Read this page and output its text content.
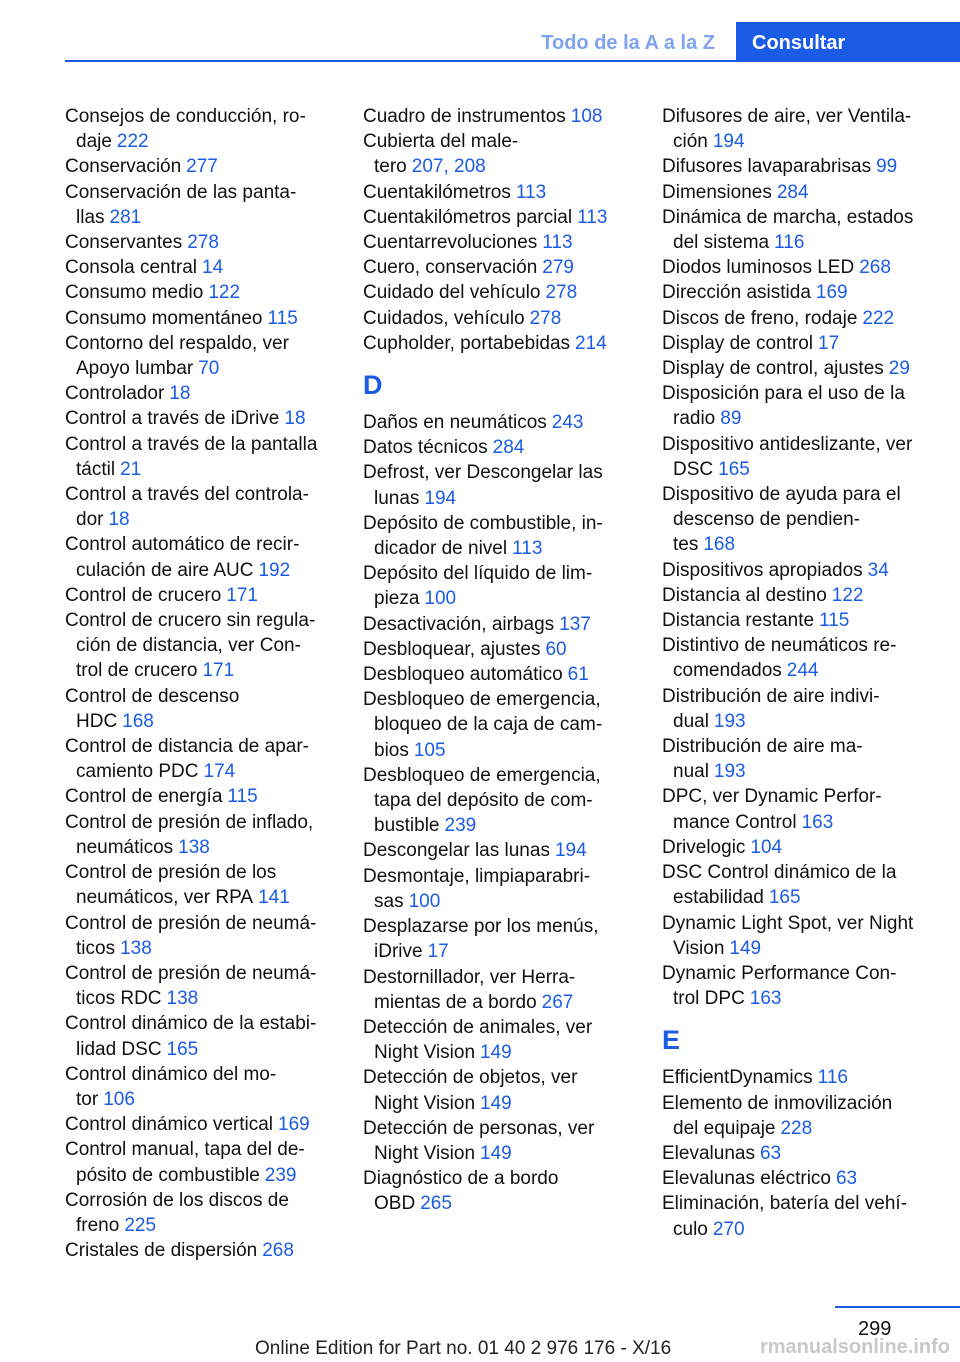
Todo de la A a la Z	Consultar
Consejos de conducción, ro-
daje 222
Conservación 277
Conservación de las panta-
llas 281
Conservantes 278
Consola central 14
Consumo medio 122
Consumo momentáneo 115
Contorno del respaldo, ver
Apoyo lumbar 70
Controlador 18
Control a través de iDrive 18
Control a través de la pantalla
táctil 21
Control a través del controla-
dor 18
Control automático de recir-
culación de aire AUC 192
Control de crucero 171
Control de crucero sin regula-
ción de distancia, ver Con-
trol de crucero 171
Control de descenso
HDC 168
Control de distancia de apar-
camiento PDC 174
Control de energía 115
Control de presión de inflado,
neumáticos 138
Control de presión de los
neumáticos, ver RPA 141
Control de presión de neumá-
ticos 138
Control de presión de neumá-
ticos RDC 138
Control dinámico de la estabi-
lidad DSC 165
Control dinámico del mo-
tor 106
Control dinámico vertical 169
Control manual, tapa del de-
pósito de combustible 239
Corrosión de los discos de
freno 225
Cristales de dispersión 268
Cuadro de instrumentos 108
Cubierta del male-
tero 207, 208
Cuentakilómetros 113
Cuentakilómetros parcial 113
Cuentarrevoluciones 113
Cuero, conservación 279
Cuidado del vehículo 278
Cuidados, vehículo 278
Cupholder, portabebidas 214
D
Daños en neumáticos 243
Datos técnicos 284
Defrost, ver Descongelar las
lunas 194
Depósito de combustible, in-
dicador de nivel 113
Depósito del líquido de lim-
pieza 100
Desactivación, airbags 137
Desbloquear, ajustes 60
Desbloqueo automático 61
Desbloqueo de emergencia,
bloqueo de la caja de cam-
bios 105
Desbloqueo de emergencia,
tapa del depósito de com-
bustible 239
Descongelar las lunas 194
Desmontaje, limpiaparabri-
sas 100
Desplazarse por los menús,
iDrive 17
Destornillador, ver Herra-
mientas de a bordo 267
Detección de animales, ver
Night Vision 149
Detección de objetos, ver
Night Vision 149
Detección de personas, ver
Night Vision 149
Diagnóstico de a bordo
OBD 265
Difusores de aire, ver Ventila-
ción 194
Difusores lavaparabrisas 99
Dimensiones 284
Dinámica de marcha, estados
del sistema 116
Diodos luminosos LED 268
Dirección asistida 169
Discos de freno, rodaje 222
Display de control 17
Display de control, ajustes 29
Disposición para el uso de la
radio 89
Dispositivo antideslizante, ver
DSC 165
Dispositivo de ayuda para el
descenso de pendien-
tes 168
Dispositivos apropiados 34
Distancia al destino 122
Distancia restante 115
Distintivo de neumáticos re-
comendados 244
Distribución de aire indivi-
dual 193
Distribución de aire ma-
nual 193
DPC, ver Dynamic Perfor-
mance Control 163
Drivelogic 104
DSC Control dinámico de la
estabilidad 165
Dynamic Light Spot, ver Night
Vision 149
Dynamic Performance Con-
trol DPC 163
E
EfficientDynamics 116
Elemento de inmovilización
del equipaje 228
Elevalunas 63
Elevalunas eléctrico 63
Eliminación, batería del vehí-
culo 270
299
Online Edition for Part no. 01 40 2 976 176 - X/16	rmanualsonline.info
